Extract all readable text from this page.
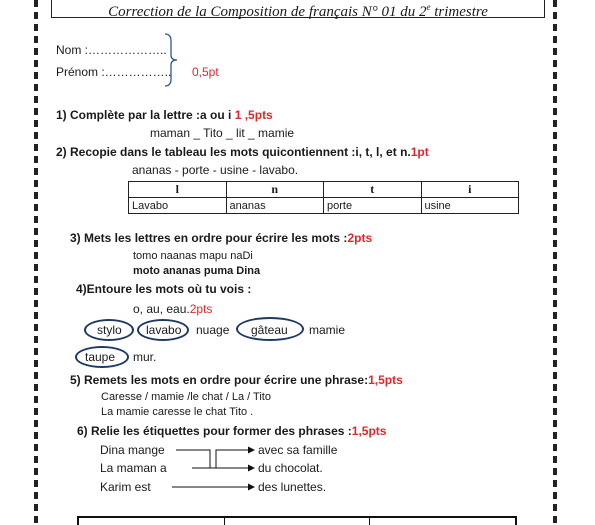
Correction de la Composition de français N° 01 du 2e trimestre
Nom :………………..
Prénom :…………….. 0,5pt
1) Complète par la lettre :a ou i 1 ,5pts
maman _ Tito _ lit _ mamie
2) Recopie dans le tableau les mots quicontiennent :i, t, l, et n.1pt
ananas - porte - usine - lavabo.
l	n	t	i
Lavabo	ananas	porte	usine
3) Mets les lettres en ordre pour écrire les mots :2pts
tomo naanas mapu naDi
moto ananas puma Dina
4)Entoure les mots où tu vois :
o, au, eau.2pts
stylo lavabo nuage gâteau mamie
taupe mur.
5) Remets les mots en ordre pour écrire une phrase:1,5pts
Caresse / mamie /le chat / La / Tito
La mamie caresse le chat Tito .
6) Relie les étiquettes pour former des phrases :1,5pts
Dina mange
La maman a
Karim est
avec sa famille
du chocolat.
des lunettes.
